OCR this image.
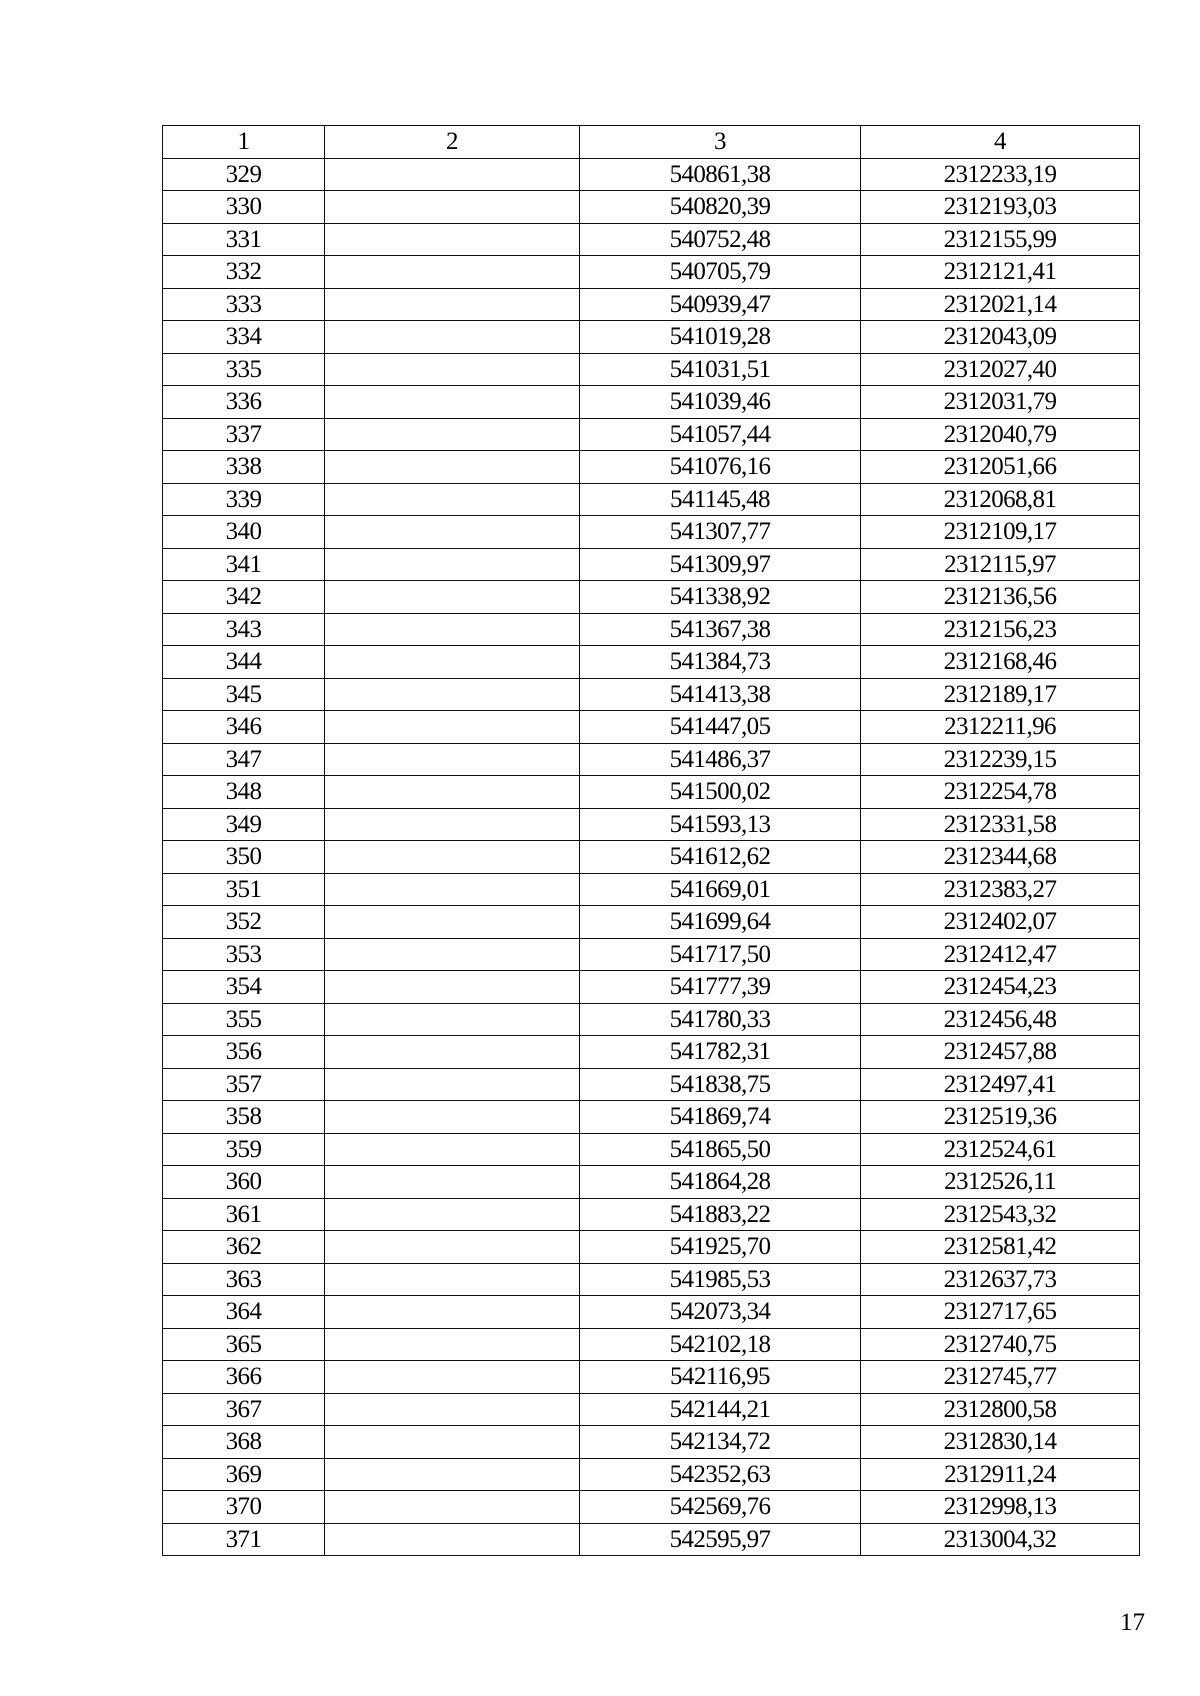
1	2	3	4
329		540861,38	2312233,19
330		540820,39	2312193,03
331		540752,48	2312155,99
332		540705,79	2312121,41
333		540939,47	2312021,14
334		541019,28	2312043,09
335		541031,51	2312027,40
336		541039,46	2312031,79
337		541057,44	2312040,79
338		541076,16	2312051,66
339		541145,48	2312068,81
340		541307,77	2312109,17
341		541309,97	2312115,97
342		541338,92	2312136,56
343		541367,38	2312156,23
344		541384,73	2312168,46
345		541413,38	2312189,17
346		541447,05	2312211,96
347		541486,37	2312239,15
348		541500,02	2312254,78
349		541593,13	2312331,58
350		541612,62	2312344,68
351		541669,01	2312383,27
352		541699,64	2312402,07
353		541717,50	2312412,47
354		541777,39	2312454,23
355		541780,33	2312456,48
356		541782,31	2312457,88
357		541838,75	2312497,41
358		541869,74	2312519,36
359		541865,50	2312524,61
360		541864,28	2312526,11
361		541883,22	2312543,32
362		541925,70	2312581,42
363		541985,53	2312637,73
364		542073,34	2312717,65
365		542102,18	2312740,75
366		542116,95	2312745,77
367		542144,21	2312800,58
368		542134,72	2312830,14
369		542352,63	2312911,24
370		542569,76	2312998,13
371		542595,97	2313004,32
17
